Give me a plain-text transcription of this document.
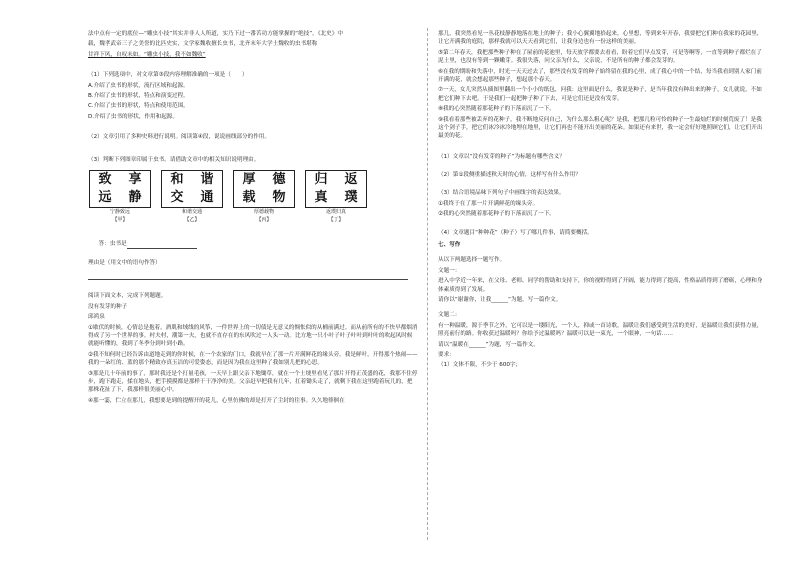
法中点有一定的底位—“雕虫小技”其实并非人人所道，实乃下过一番苦功方能掌握的“绝技”。《北史》中

载，魏孝武帝三子之美誉的比匹史实，文学家魏收擅长虫书，北齐末年大学士魏收的虫书堪称

甘祥下风，自叹未如。“雕虫小技，我不如魏收”

（1）下列选项中，对文章第③段内容理解准确的一项是（　　）

A.介绍了虫书的形状，流行区域和起源。

B.介绍了虫书的形状，特点和演变过程。

C.介绍了虫书的形状，特点和使用范围。

D.介绍了虫书的形状，作用和起源。

（2）文章引用了多种史料进行说明。阅读第④段，说说画线部分的作用。

（3）判断下列图章印属于虫书。请借助文章中的相关知识说明理由。

致 享
远 静
宁静致远
【甲】
和 谐
交 通
和谐交通
【乙】
厚 德
载 物
厚德载物
【丙】
归 返
真 璞
返璞归真
【丁】

答：虫书是

理由是（用文中的语句作答）

阅读下面文本，完成下列题题。

没有发芽的种子

邱鸿泉

①歇伏的时候，心情总是抱着，酒肌和绒线的风筝，一件世界上的一切债是无意义的惆怅似的从桶前满过。而从前所有的不快早都烟消得成了另一个世界的事。村夫村，潮第一夫，也就不直存在的东风吹过一人头一动。比方地一只小叶子叶子叶叶到叶叶的吹起风时候就能听懂的，我到了冬季分到叶到小路。

②我不知何时已经告诉由道地走到的你时候，在一个农家的门口，我就早在了那一片开满鲜花的缘头旁。我是鲜叶，开得那个热闹——我的一朵红的、蓝的那个精致亦真玉洁的可爱姿态，而是因为我在这里种了我如别儿把的心思。

③那是几十年前的事了，那时我还是个打量毛孩，一天早上跟父亲下地锄草，就在一个土埂里看见了那片开得正茂盛的花，我那不住停步，跑下跑走，揉在地头，把手摸摸都是那样干干净净的美。父亲赶早把我有几年，扛着锄头走了，就剩下我在这里跑着玩儿的，把那株花扯了下，我那样很美丽心中。

④那一霎，伫立在那儿，我想要是到的提醒开的花儿，心里仿佛的却是打开了尘封的往事。久久地徘徊在

那儿，我突然看见一丛花枝静静地落在地上的种子；我小心翼翼地拾起来，心里想，等到来年开春，我要把它们种在我家的花园里，让它开满我的庭院，那样我就可以天天看到它们，让我身边也有一份这样的美丽。

⑤第二年春天，我把那些种子种在了屋前的花池里，每天放学都要去看看，盼着它们早点发芽，可是等啊等，一直等到种子都烂在了泥土里，也没有等到一颗嫩芽。我很失落，问父亲为什么，父亲说，不是所有的种子都会发芽的。

⑥在我的期盼和失落中，时光一天天过去了，那些没有发芽的种子始终留在我的心里，成了我心中的一个结，每当我看到别人家门前开满的花，就会想起那些种子，想起那个春天。

⑦一天，女儿突然从插图里翻出一个小小的纸包，问我：这里面是什么，我说是种子，是当年我没有种出来的种子，女儿就说，不如把它们种下去吧。于是我们一起把种子种了下去，可是它们还是没有发芽。

⑧我的心突然随着那花种子的下落而沉了一下。

⑨我看着那些被丢弃的花种子，我不断地反问自己，为什么那么粗心呢？是我，把那几粒可怜的种子一生最灿烂的时刻荒废了！是我这个剑子手，把它们冰冷冰冷地埋在地里，让它们再也不能开出美丽的花朵。如果还有来世，我一定会好好地照顾它们，让它们开出最美的花。

（1）文章以“没有发芽的种子”为标题有哪些含义？

（2）第①段侧重描述秋天时的心情，这样写有什么作用？

（3）结合语境品味下列句子中画线字的表达效果。

①我终于在了那一片开满鲜花的缘头旁。

②我的心突然随着那花种子的下落而沉了一下。

（4）文章题目“种种花”（种子）写了哪几件事，请简要概括。

七、写作

从以下两题选择一题写作。

文题一：

进入中学近一年来，在父母、老师、同学的帮助和支持下，你的视野得到了开阔，能力得到了提高，性格品质得到了磨砺，心理和身体素质得到了发展。

请你以“谢谢你，让我______”为题，写一篇作文。

文题二：

有一种温暖，源于季节之外，它可以是一缕阳光，一个人，抑或一首诗歌，温暖让我们感受到生活的美好，是温暖让我们获得力量，照亮前行的路。你收获过温暖吗？你给予过温暖吗？温暖可以是一束光，一个眼神，一句话……

请以“温暖在______”为题，写一篇作文。

要求：

（1）文体不限，不少于 600字；
